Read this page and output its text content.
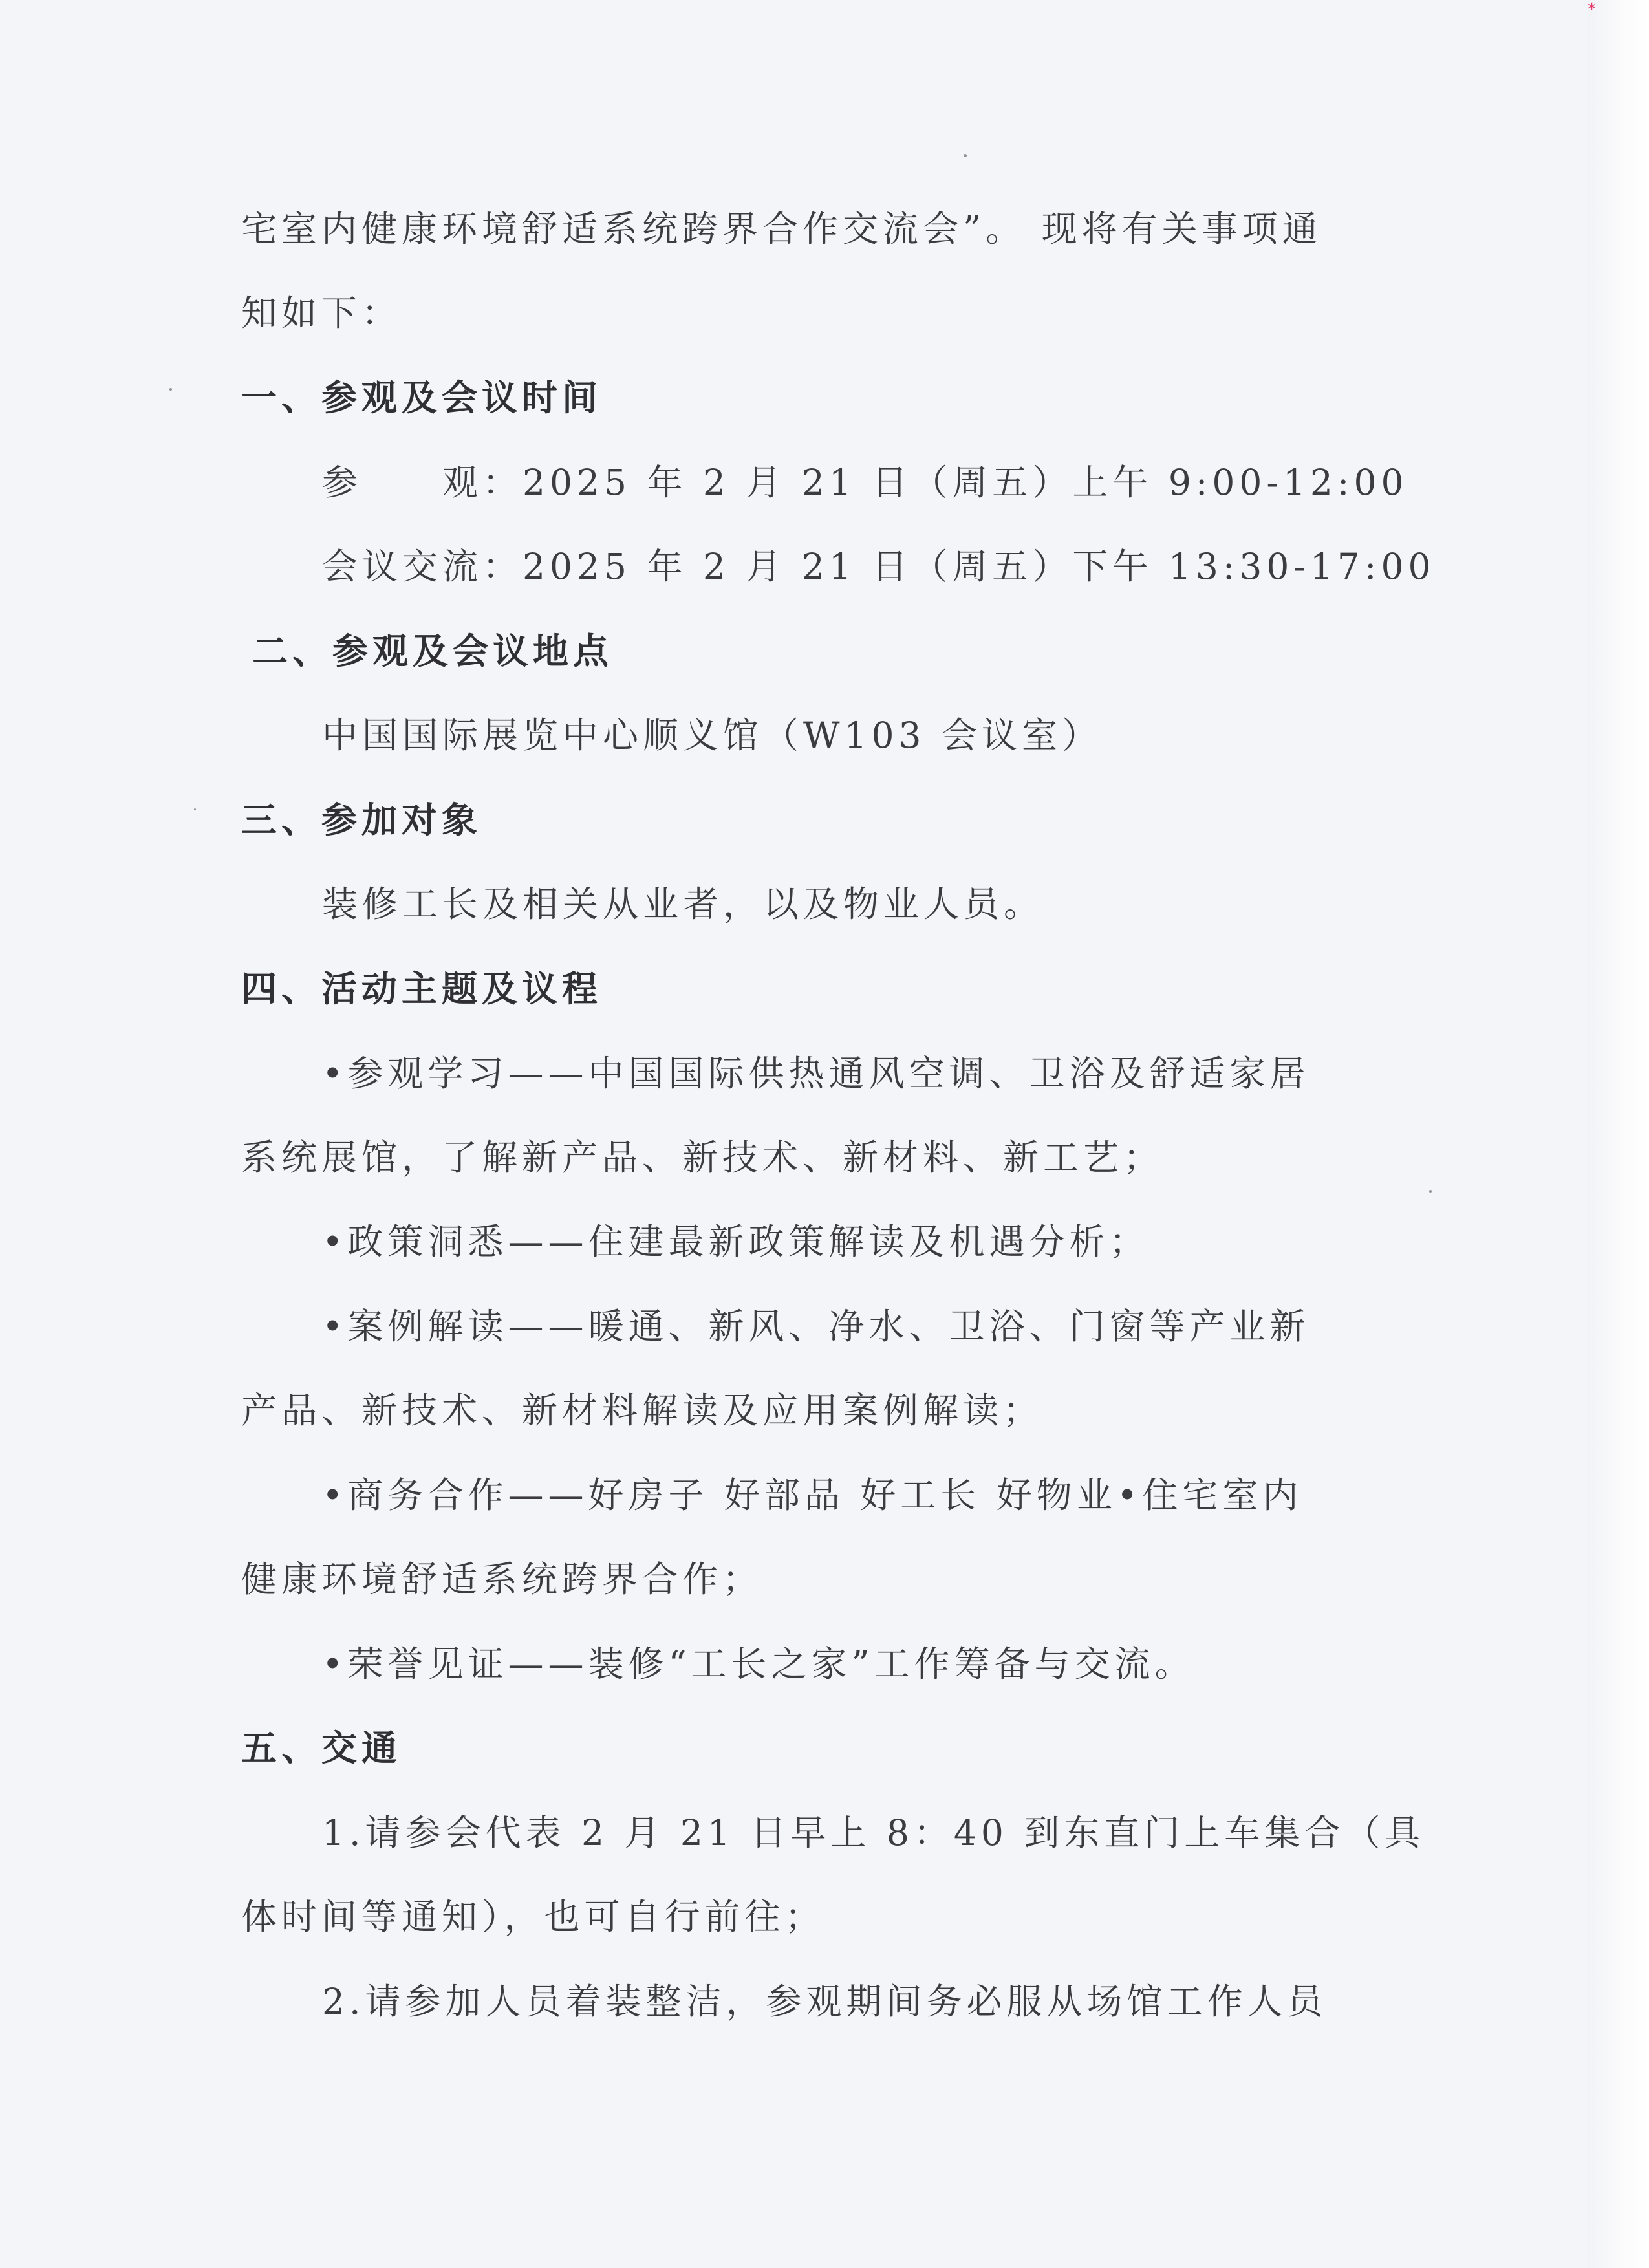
宅室内健康环境舒适系统跨界合作交流会”。 现将有关事项通

知如下：

一、参观及会议时间

参　　观：2025 年 2 月 21 日（周五）上午 9:00-12:00

会议交流：2025 年 2 月 21 日（周五）下午 13:30-17:00

二、参观及会议地点

中国国际展览中心顺义馆（W103 会议室）

三、参加对象

装修工长及相关从业者，以及物业人员。

四、活动主题及议程

•参观学习——中国国际供热通风空调、卫浴及舒适家居

系统展馆，了解新产品、新技术、新材料、新工艺；

•政策洞悉——住建最新政策解读及机遇分析；

•案例解读——暖通、新风、净水、卫浴、门窗等产业新

产品、新技术、新材料解读及应用案例解读；

•商务合作——好房子 好部品 好工长 好物业•住宅室内

健康环境舒适系统跨界合作；

•荣誉见证——装修“工长之家”工作筹备与交流。

五、交通

1.请参会代表 2 月 21 日早上 8：40 到东直门上车集合（具

体时间等通知），也可自行前往；

2.请参加人员着装整洁，参观期间务必服从场馆工作人员

*
